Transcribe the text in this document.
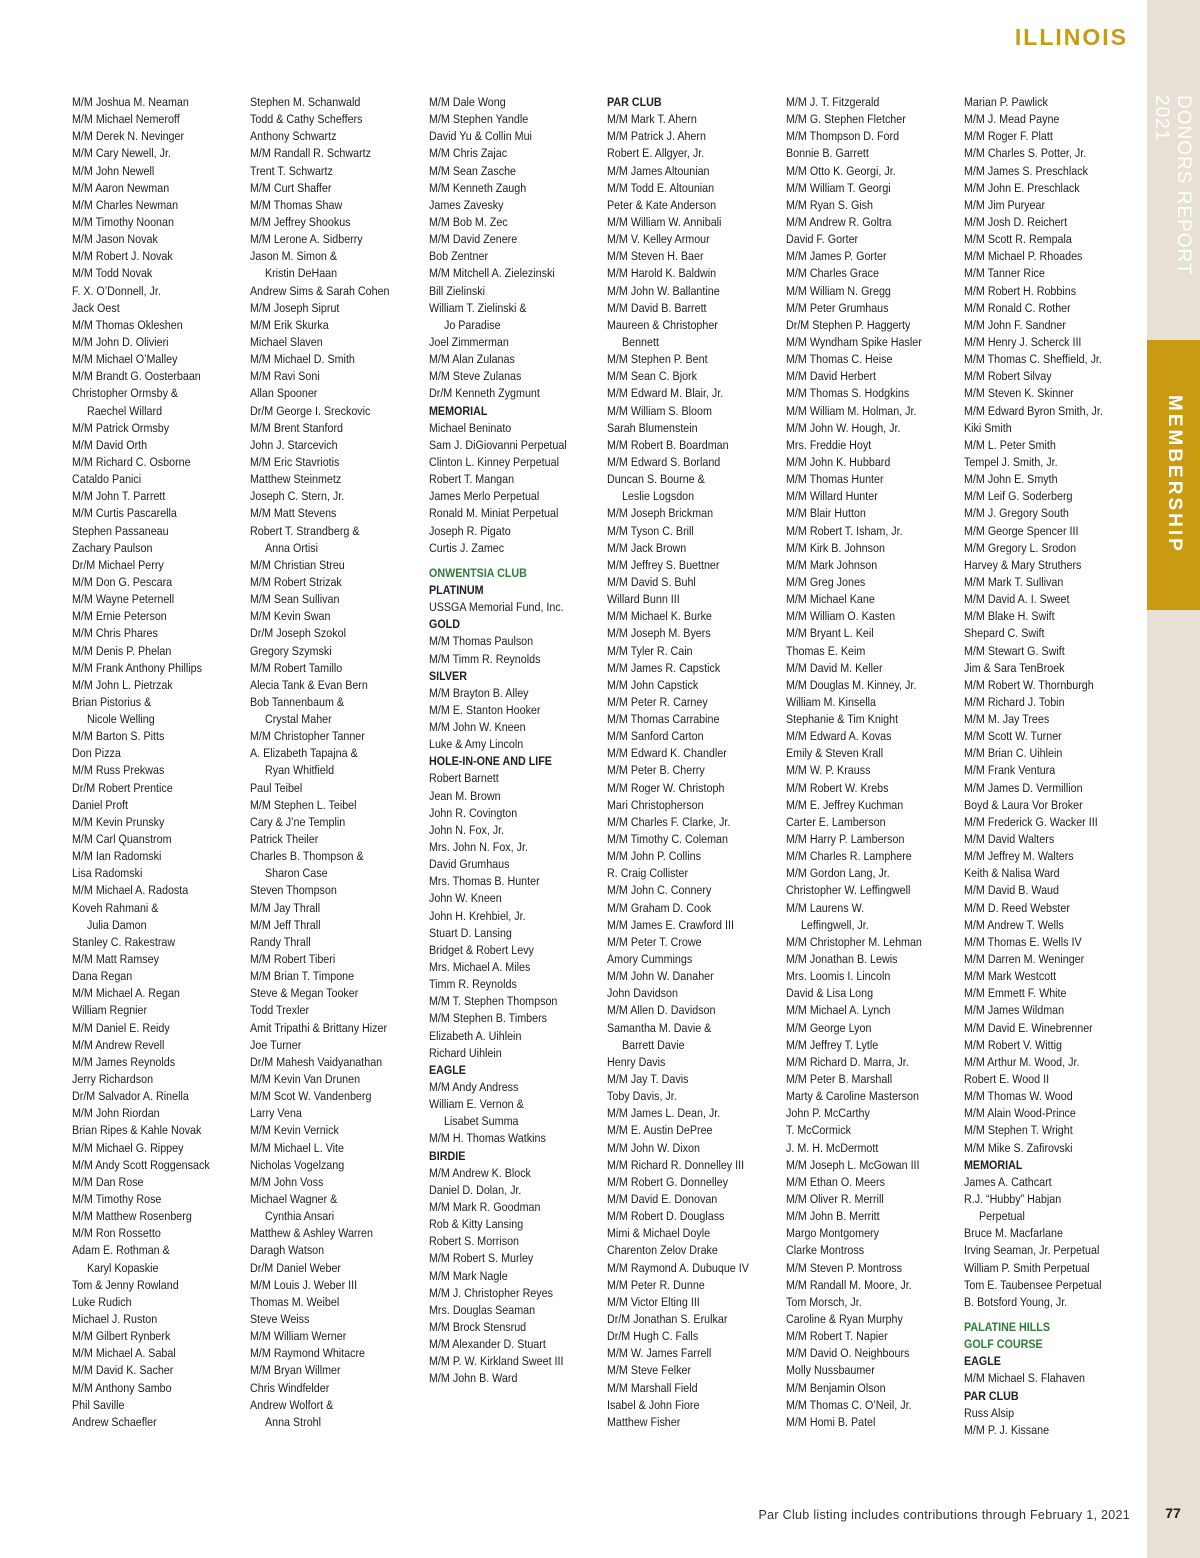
ILLINOIS
DONORS REPORT 2021
MEMBERSHIP
M/M Joshua M. Neaman
M/M Michael Nemeroff
M/M Derek N. Nevinger
M/M Cary Newell, Jr.
M/M John Newell
M/M Aaron Newman
M/M Charles Newman
M/M Timothy Noonan
M/M Jason Novak
M/M Robert J. Novak
M/M Todd Novak
F. X. O’Donnell, Jr.
Jack Oest
M/M Thomas Okleshen
M/M John D. Olivieri
M/M Michael O’Malley
M/M Brandt G. Oosterbaan
Christopher Ormsby &
Raechel Willard
M/M Patrick Ormsby
M/M David Orth
M/M Richard C. Osborne
Cataldo Panici
M/M John T. Parrett
M/M Curtis Pascarella
Stephen Passaneau
Zachary Paulson
Dr/M Michael Perry
M/M Don G. Pescara
M/M Wayne Peternell
M/M Ernie Peterson
M/M Chris Phares
M/M Denis P. Phelan
M/M Frank Anthony Phillips
M/M John L. Pietrzak
Brian Pistorius &
Nicole Welling
M/M Barton S. Pitts
Don Pizza
M/M Russ Prekwas
Dr/M Robert Prentice
Daniel Proft
M/M Kevin Prunsky
M/M Carl Quanstrom
M/M Ian Radomski
Lisa Radomski
M/M Michael A. Radosta
Koveh Rahmani &
Julia Damon
Stanley C. Rakestraw
M/M Matt Ramsey
Dana Regan
M/M Michael A. Regan
William Regnier
M/M Daniel E. Reidy
M/M Andrew Revell
M/M James Reynolds
Jerry Richardson
Dr/M Salvador A. Rinella
M/M John Riordan
Brian Ripes & Kahle Novak
M/M Michael G. Rippey
M/M Andy Scott Roggensack
M/M Dan Rose
M/M Timothy Rose
M/M Matthew Rosenberg
M/M Ron Rossetto
Adam E. Rothman &
Karyl Kopaskie
Tom & Jenny Rowland
Luke Rudich
Michael J. Ruston
M/M Gilbert Rynberk
M/M Michael A. Sabal
M/M David K. Sacher
M/M Anthony Sambo
Phil Saville
Andrew Schaefler
Stephen M. Schanwald
Todd & Cathy Scheffers
Anthony Schwartz
M/M Randall R. Schwartz
Trent T. Schwartz
M/M Curt Shaffer
M/M Thomas Shaw
M/M Jeffrey Shookus
M/M Lerone A. Sidberry
Jason M. Simon &
Kristin DeHaan
Andrew Sims & Sarah Cohen
M/M Joseph Siprut
M/M Erik Skurka
Michael Slaven
M/M Michael D. Smith
M/M Ravi Soni
Allan Spooner
Dr/M George I. Sreckovic
M/M Brent Stanford
John J. Starcevich
M/M Eric Stavriotis
Matthew Steinmetz
Joseph C. Stern, Jr.
M/M Matt Stevens
Robert T. Strandberg &
Anna Ortisi
M/M Christian Streu
M/M Robert Strizak
M/M Sean Sullivan
M/M Kevin Swan
Dr/M Joseph Szokol
Gregory Szymski
M/M Robert Tamillo
Alecia Tank & Evan Bern
Bob Tannenbaum &
Crystal Maher
M/M Christopher Tanner
A. Elizabeth Tapajna &
Ryan Whitfield
Paul Teibel
M/M Stephen L. Teibel
Cary & J’ne Templin
Patrick Theiler
Charles B. Thompson &
Sharon Case
Steven Thompson
M/M Jay Thrall
M/M Jeff Thrall
Randy Thrall
M/M Robert Tiberi
M/M Brian T. Timpone
Steve & Megan Tooker
Todd Trexler
Amit Tripathi & Brittany Hizer
Joe Turner
Dr/M Mahesh Vaidyanathan
M/M Kevin Van Drunen
M/M Scot W. Vandenberg
Larry Vena
M/M Kevin Vernick
M/M Michael L. Vite
Nicholas Vogelzang
M/M John Voss
Michael Wagner &
Cynthia Ansari
Matthew & Ashley Warren
Daragh Watson
Dr/M Daniel Weber
M/M Louis J. Weber III
Thomas M. Weibel
Steve Weiss
M/M William Werner
M/M Raymond Whitacre
M/M Bryan Willmer
Chris Windfelder
Andrew Wolfort &
Anna Strohl
M/M Dale Wong
M/M Stephen Yandle
David Yu & Collin Mui
M/M Chris Zajac
M/M Sean Zasche
M/M Kenneth Zaugh
James Zavesky
M/M Bob M. Zec
M/M David Zenere
Bob Zentner
M/M Mitchell A. Zielezinski
Bill Zielinski
William T. Zielinski &
Jo Paradise
Joel Zimmerman
M/M Alan Zulanas
M/M Steve Zulanas
Dr/M Kenneth Zygmunt
MEMORIAL
Michael Beninato
Sam J. DiGiovanni Perpetual
Clinton L. Kinney Perpetual
Robert T. Mangan
James Merlo Perpetual
Ronald M. Miniat Perpetual
Joseph R. Pigato
Curtis J. Zamec
ONWENTSIA CLUB
PLATINUM
USSGA Memorial Fund, Inc.
GOLD
M/M Thomas Paulson
M/M Timm R. Reynolds
SILVER
M/M Brayton B. Alley
M/M E. Stanton Hooker
M/M John W. Kneen
Luke & Amy Lincoln
HOLE-IN-ONE AND LIFE
Robert Barnett
Jean M. Brown
John R. Covington
John N. Fox, Jr.
Mrs. John N. Fox, Jr.
David Grumhaus
Mrs. Thomas B. Hunter
John W. Kneen
John H. Krehbiel, Jr.
Stuart D. Lansing
Bridget & Robert Levy
Mrs. Michael A. Miles
Timm R. Reynolds
M/M T. Stephen Thompson
M/M Stephen B. Timbers
Elizabeth A. Uihlein
Richard Uihlein
EAGLE
M/M Andy Andress
William E. Vernon &
Lisabet Summa
M/M H. Thomas Watkins
BIRDIE
M/M Andrew K. Block
Daniel D. Dolan, Jr.
M/M Mark R. Goodman
Rob & Kitty Lansing
Robert S. Morrison
M/M Robert S. Murley
M/M Mark Nagle
M/M J. Christopher Reyes
Mrs. Douglas Seaman
M/M Brock Stensrud
M/M Alexander D. Stuart
M/M P. W. Kirkland Sweet III
M/M John B. Ward
PAR CLUB
M/M Mark T. Ahern
M/M Patrick J. Ahern
Robert E. Allgyer, Jr.
M/M James Altounian
M/M Todd E. Altounian
Peter & Kate Anderson
M/M William W. Annibali
M/M V. Kelley Armour
M/M Steven H. Baer
M/M Harold K. Baldwin
M/M John W. Ballantine
M/M David B. Barrett
Maureen & Christopher
Bennett
M/M Stephen P. Bent
M/M Sean C. Bjork
M/M Edward M. Blair, Jr.
M/M William S. Bloom
Sarah Blumenstein
M/M Robert B. Boardman
M/M Edward S. Borland
Duncan S. Bourne &
Leslie Logsdon
M/M Joseph Brickman
M/M Tyson C. Brill
M/M Jack Brown
M/M Jeffrey S. Buettner
M/M David S. Buhl
Willard Bunn III
M/M Michael K. Burke
M/M Joseph M. Byers
M/M Tyler R. Cain
M/M James R. Capstick
M/M John Capstick
M/M Peter R. Carney
M/M Thomas Carrabine
M/M Sanford Carton
M/M Edward K. Chandler
M/M Peter B. Cherry
M/M Roger W. Christoph
Mari Christopherson
M/M Charles F. Clarke, Jr.
M/M Timothy C. Coleman
M/M John P. Collins
R. Craig Collister
M/M John C. Connery
M/M Graham D. Cook
M/M James E. Crawford III
M/M Peter T. Crowe
Amory Cummings
M/M John W. Danaher
John Davidson
M/M Allen D. Davidson
Samantha M. Davie &
Barrett Davie
Henry Davis
M/M Jay T. Davis
Toby Davis, Jr.
M/M James L. Dean, Jr.
M/M E. Austin DePree
M/M John W. Dixon
M/M Richard R. Donnelley III
M/M Robert G. Donnelley
M/M David E. Donovan
M/M Robert D. Douglass
Mimi & Michael Doyle
Charenton Zelov Drake
M/M Raymond A. Dubuque IV
M/M Peter R. Dunne
M/M Victor Elting III
Dr/M Jonathan S. Erulkar
Dr/M Hugh C. Falls
M/M W. James Farrell
M/M Steve Felker
M/M Marshall Field
Isabel & John Fiore
Matthew Fisher
M/M J. T. Fitzgerald
M/M G. Stephen Fletcher
M/M Thompson D. Ford
Bonnie B. Garrett
M/M Otto K. Georgi, Jr.
M/M William T. Georgi
M/M Ryan S. Gish
M/M Andrew R. Goltra
David F. Gorter
M/M James P. Gorter
M/M Charles Grace
M/M William N. Gregg
M/M Peter Grumhaus
Dr/M Stephen P. Haggerty
M/M Wyndham Spike Hasler
M/M Thomas C. Heise
M/M David Herbert
M/M Thomas S. Hodgkins
M/M William M. Holman, Jr.
M/M John W. Hough, Jr.
Mrs. Freddie Hoyt
M/M John K. Hubbard
M/M Thomas Hunter
M/M Willard Hunter
M/M Blair Hutton
M/M Robert T. Isham, Jr.
M/M Kirk B. Johnson
M/M Mark Johnson
M/M Greg Jones
M/M Michael Kane
M/M William O. Kasten
M/M Bryant L. Keil
Thomas E. Keim
M/M David M. Keller
M/M Douglas M. Kinney, Jr.
William M. Kinsella
Stephanie & Tim Knight
M/M Edward A. Kovas
Emily & Steven Krall
M/M W. P. Krauss
M/M Robert W. Krebs
M/M E. Jeffrey Kuchman
Carter E. Lamberson
M/M Harry P. Lamberson
M/M Charles R. Lamphere
M/M Gordon Lang, Jr.
Christopher W. Leffingwell
M/M Laurens W.
Leffingwell, Jr.
M/M Christopher M. Lehman
M/M Jonathan B. Lewis
Mrs. Loomis I. Lincoln
David & Lisa Long
M/M Michael A. Lynch
M/M George Lyon
M/M Jeffrey T. Lytle
M/M Richard D. Marra, Jr.
M/M Peter B. Marshall
Marty & Caroline Masterson
John P. McCarthy
T. McCormick
J. M. H. McDermott
M/M Joseph L. McGowan III
M/M Ethan O. Meers
M/M Oliver R. Merrill
M/M John B. Merritt
Margo Montgomery
Clarke Montross
M/M Steven P. Montross
M/M Randall M. Moore, Jr.
Tom Morsch, Jr.
Caroline & Ryan Murphy
M/M Robert T. Napier
M/M David O. Neighbours
Molly Nussbaumer
M/M Benjamin Olson
M/M Thomas C. O’Neil, Jr.
M/M Homi B. Patel
Marian P. Pawlick
M/M J. Mead Payne
M/M Roger F. Platt
M/M Charles S. Potter, Jr.
M/M James S. Preschlack
M/M John E. Preschlack
M/M Jim Puryear
M/M Josh D. Reichert
M/M Scott R. Rempala
M/M Michael P. Rhoades
M/M Tanner Rice
M/M Robert H. Robbins
M/M Ronald C. Rother
M/M John F. Sandner
M/M Henry J. Scherck III
M/M Thomas C. Sheffield, Jr.
M/M Robert Silvay
M/M Steven K. Skinner
M/M Edward Byron Smith, Jr.
Kiki Smith
M/M L. Peter Smith
Tempel J. Smith, Jr.
M/M John E. Smyth
M/M Leif G. Soderberg
M/M J. Gregory South
M/M George Spencer III
M/M Gregory L. Srodon
Harvey & Mary Struthers
M/M Mark T. Sullivan
M/M David A. I. Sweet
M/M Blake H. Swift
Shepard C. Swift
M/M Stewart G. Swift
Jim & Sara TenBroek
M/M Robert W. Thornburgh
M/M Richard J. Tobin
M/M M. Jay Trees
M/M Scott W. Turner
M/M Brian C. Uihlein
M/M Frank Ventura
M/M James D. Vermillion
Boyd & Laura Vor Broker
M/M Frederick G. Wacker III
M/M David Walters
M/M Jeffrey M. Walters
Keith & Nalisa Ward
M/M David B. Waud
M/M D. Reed Webster
M/M Andrew T. Wells
M/M Thomas E. Wells IV
M/M Darren M. Weninger
M/M Mark Westcott
M/M Emmett F. White
M/M James Wildman
M/M David E. Winebrenner
M/M Robert V. Wittig
M/M Arthur M. Wood, Jr.
Robert E. Wood II
M/M Thomas W. Wood
M/M Alain Wood-Prince
M/M Stephen T. Wright
M/M Mike S. Zafirovski
MEMORIAL
James A. Cathcart
R.J. “Hubby” Habjan
Perpetual
Bruce M. Macfarlane
Irving Seaman, Jr. Perpetual
William P. Smith Perpetual
Tom E. Taubensee Perpetual
B. Botsford Young, Jr.
PALATINE HILLS
GOLF COURSE
EAGLE
M/M Michael S. Flahaven
PAR CLUB
Russ Alsip
M/M P. J. Kissane
Par Club listing includes contributions through February 1, 2021	77
